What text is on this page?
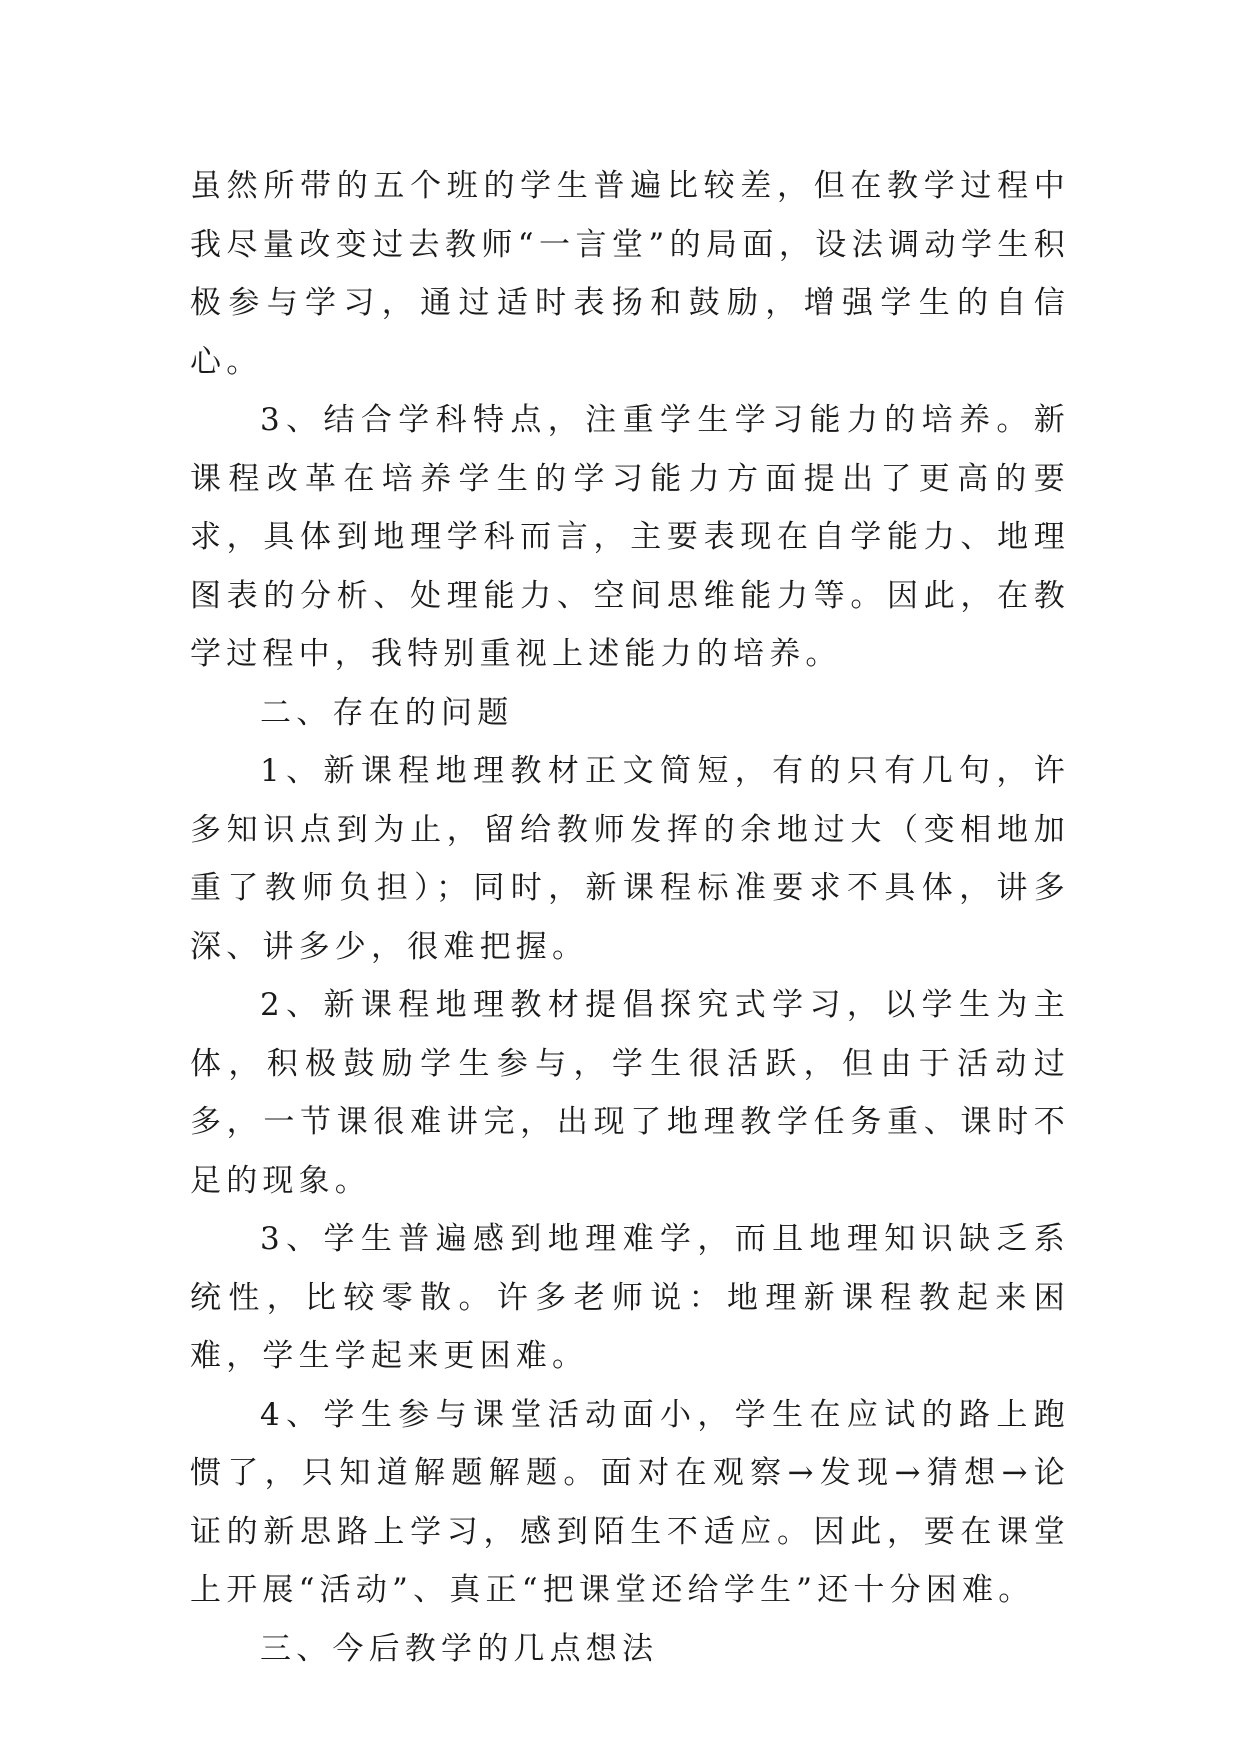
虽然所带的五个班的学生普遍比较差，但在教学过程中我尽量改变过去教师“一言堂”的局面，设法调动学生积极参与学习，通过适时表扬和鼓励，增强学生的自信心。

3、结合学科特点，注重学生学习能力的培养。新课程改革在培养学生的学习能力方面提出了更高的要求，具体到地理学科而言，主要表现在自学能力、地理图表的分析、处理能力、空间思维能力等。因此，在教学过程中，我特别重视上述能力的培养。

二、存在的问题

1、新课程地理教材正文简短，有的只有几句，许多知识点到为止，留给教师发挥的余地过大（变相地加重了教师负担）；同时，新课程标准要求不具体，讲多深、讲多少，很难把握。

2、新课程地理教材提倡探究式学习，以学生为主体，积极鼓励学生参与，学生很活跃，但由于活动过多，一节课很难讲完，出现了地理教学任务重、课时不足的现象。

3、学生普遍感到地理难学，而且地理知识缺乏系统性，比较零散。许多老师说：地理新课程教起来困难，学生学起来更困难。

4、学生参与课堂活动面小，学生在应试的路上跑惯了，只知道解题解题。面对在观察→发现→猜想→论证的新思路上学习，感到陌生不适应。因此，要在课堂上开展“活动”、真正“把课堂还给学生”还十分困难。

三、今后教学的几点想法
